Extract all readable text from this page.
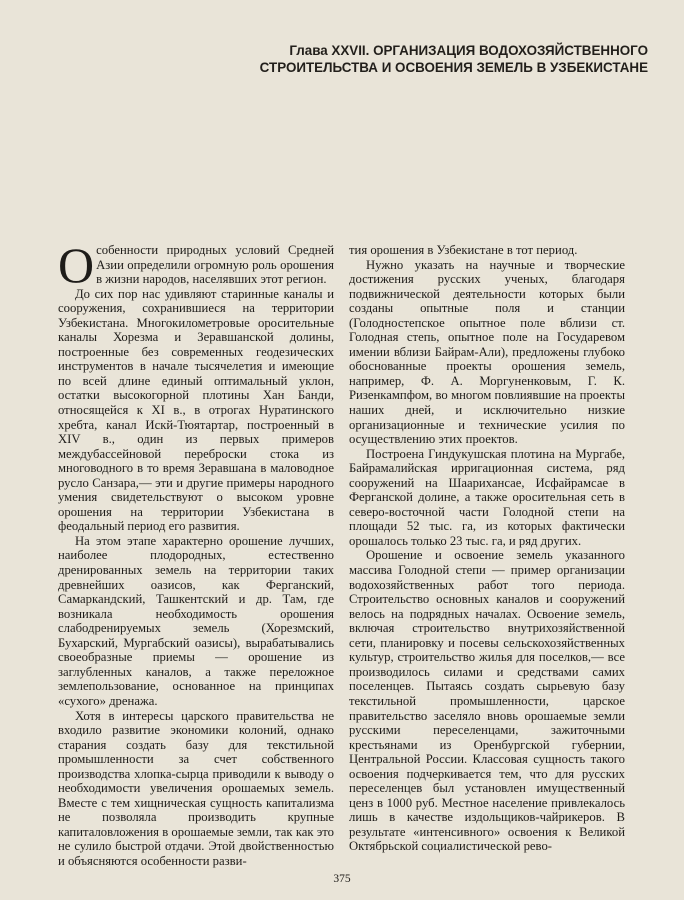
Глава XXVII. ОРГАНИЗАЦИЯ ВОДОХОЗЯЙСТВЕННОГО
СТРОИТЕЛЬСТВА И ОСВОЕНИЯ ЗЕМЕЛЬ В УЗБЕКИСТАНЕ

Особенности природных условий Средней Азии определили огромную роль орошения в жизни народов, населявших этот регион.

До сих пор нас удивляют старинные каналы и сооружения, сохранившиеся на территории Узбекистана. Многокилометровые оросительные каналы Хорезма и Зеравшанской долины, построенные без современных геодезических инструментов в начале тысячелетия и имеющие по всей длине единый оптимальный уклон, остатки высокогорной плотины Хан Банди, относящейся к XI в., в отрогах Нуратинского хребта, канал Искй-Тюятартар, построенный в XIV в., один из первых примеров междубассейновой переброски стока из многоводного в то время Зеравшана в маловодное русло Санзара,— эти и другие примеры народного умения свидетельствуют о высоком уровне орошения на территории Узбекистана в феодальный период его развития.

На этом этапе характерно орошение лучших, наиболее плодородных, естественно дренированных земель на территории таких древнейших оазисов, как Ферганский, Самаркандский, Ташкентский и др. Там, где возникала необходимость орошения слабодренируемых земель (Хорезмский, Бухарский, Мургабский оазисы), вырабатывались своеобразные приемы — орошение из заглубленных каналов, а также переложное землепользование, основанное на принципах «сухого» дренажа.

Хотя в интересы царского правительства не входило развитие экономики колоний, однако старания создать базу для текстильной промышленности за счет собственного производства хлопка-сырца приводили к выводу о необходимости увеличения орошаемых земель. Вместе с тем хищническая сущность капитализма не позволяла производить крупные капиталовложения в орошаемые земли, так как это не сулило быстрой отдачи. Этой двойственностью и объясняются особенности разви-

тия орошения в Узбекистане в тот период.

Нужно указать на научные и творческие достижения русских ученых, благодаря подвижнической деятельности которых были созданы опытные поля и станции (Голодностепское опытное поле вблизи ст. Голодная степь, опытное поле на Государевом имении вблизи Байрам-Али), предложены глубоко обоснованные проекты орошения земель, например, Ф. А. Моргуненковым, Г. К. Ризенкампфом, во многом повлиявшие на проекты наших дней, и исключительно низкие организационные и технические усилия по осуществлению этих проектов.

Построена Гиндукушская плотина на Мургабе, Байрамалийская ирригационная система, ряд сооружений на Шаарихансае, Исфайрамсае в Ферганской долине, а также оросительная сеть в северо-восточной части Голодной степи на площади 52 тыс. га, из которых фактически орошалось только 23 тыс. га, и ряд других.

Орошение и освоение земель указанного массива Голодной степи — пример организации водохозяйственных работ того периода. Строительство основных каналов и сооружений велось на подрядных началах. Освоение земель, включая строительство внутрихозяйственной сети, планировку и посевы сельскохозяйственных культур, строительство жилья для поселков,— все производилось силами и средствами самих поселенцев. Пытаясь создать сырьевую базу текстильной промышленности, царское правительство заселяло вновь орошаемые земли русскими переселенцами, зажиточными крестьянами из Оренбургской губернии, Центральной России. Классовая сущность такого освоения подчеркивается тем, что для русских переселенцев был установлен имущественный ценз в 1000 руб. Местное население привлекалось лишь в качестве издольщиков-чайрикеров. В результате «интенсивного» освоения к Великой Октябрьской социалистической рево-

375
